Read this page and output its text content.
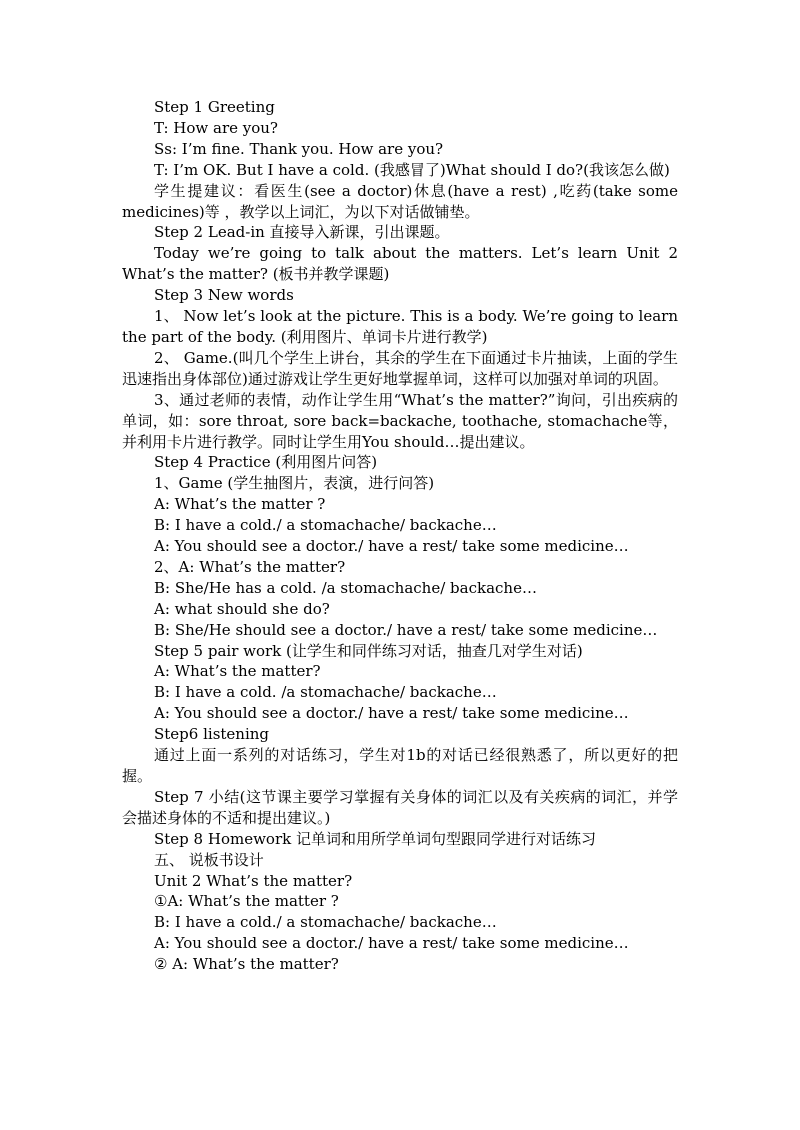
Step 1 Greeting
T: How are you?
Ss: I’m fine. Thank you. How are you?

T: I’m OK. But I have a cold. (我感冒了)What should I do?(我该怎么做)

学生提建议：看医生(see a doctor)休息(have a rest) ,吃药(take some medicines)等 ，教学以上词汇，为以下对话做铺垫。

Step 2 Lead-in 直接导入新课，引出课题。

Today we’re going to talk about the matters. Let’s learn Unit 2 What’s the matter? (板书并教学课题)

Step 3 New words

1、 Now let’s look at the picture. This is a body. We’re going to learn the part of the body. (利用图片、单词卡片进行教学)

2、 Game.(叫几个学生上讲台，其余的学生在下面通过卡片抽读，上面的学生迅速指出身体部位)通过游戏让学生更好地掌握单词，这样可以加强对单词的巩固。

3、通过老师的表情，动作让学生用“What’s the matter?”询问，引出疾病的单词，如：sore throat, sore back=backache, toothache, stomachache等，并利用卡片进行教学。同时让学生用You should…提出建议。

Step 4 Practice (利用图片问答)
1、Game (学生抽图片，表演，进行问答)
A: What’s the matter ?
B: I have a cold./ a stomachache/ backache…
A: You should see a doctor./ have a rest/ take some medicine…
2、A: What’s the matter?
B: She/He has a cold. /a stomachache/ backache…
A: what should she do?
B: She/He should see a doctor./ have a rest/ take some medicine…
Step 5 pair work (让学生和同伴练习对话，抽查几对学生对话)
A: What’s the matter?
B: I have a cold. /a stomachache/ backache…
A: You should see a doctor./ have a rest/ take some medicine…
Step6 listening

通过上面一系列的对话练习，学生对1b的对话已经很熟悉了，所以更好的把握。

Step 7 小结(这节课主要学习掌握有关身体的词汇以及有关疾病的词汇，并学会描述身体的不适和提出建议。)

Step 8 Homework 记单词和用所学单词句型跟同学进行对话练习
五、 说板书设计
Unit 2 What’s the matter?
①A: What’s the matter ?
B: I have a cold./ a stomachache/ backache…
A: You should see a doctor./ have a rest/ take some medicine…
② A: What’s the matter?
